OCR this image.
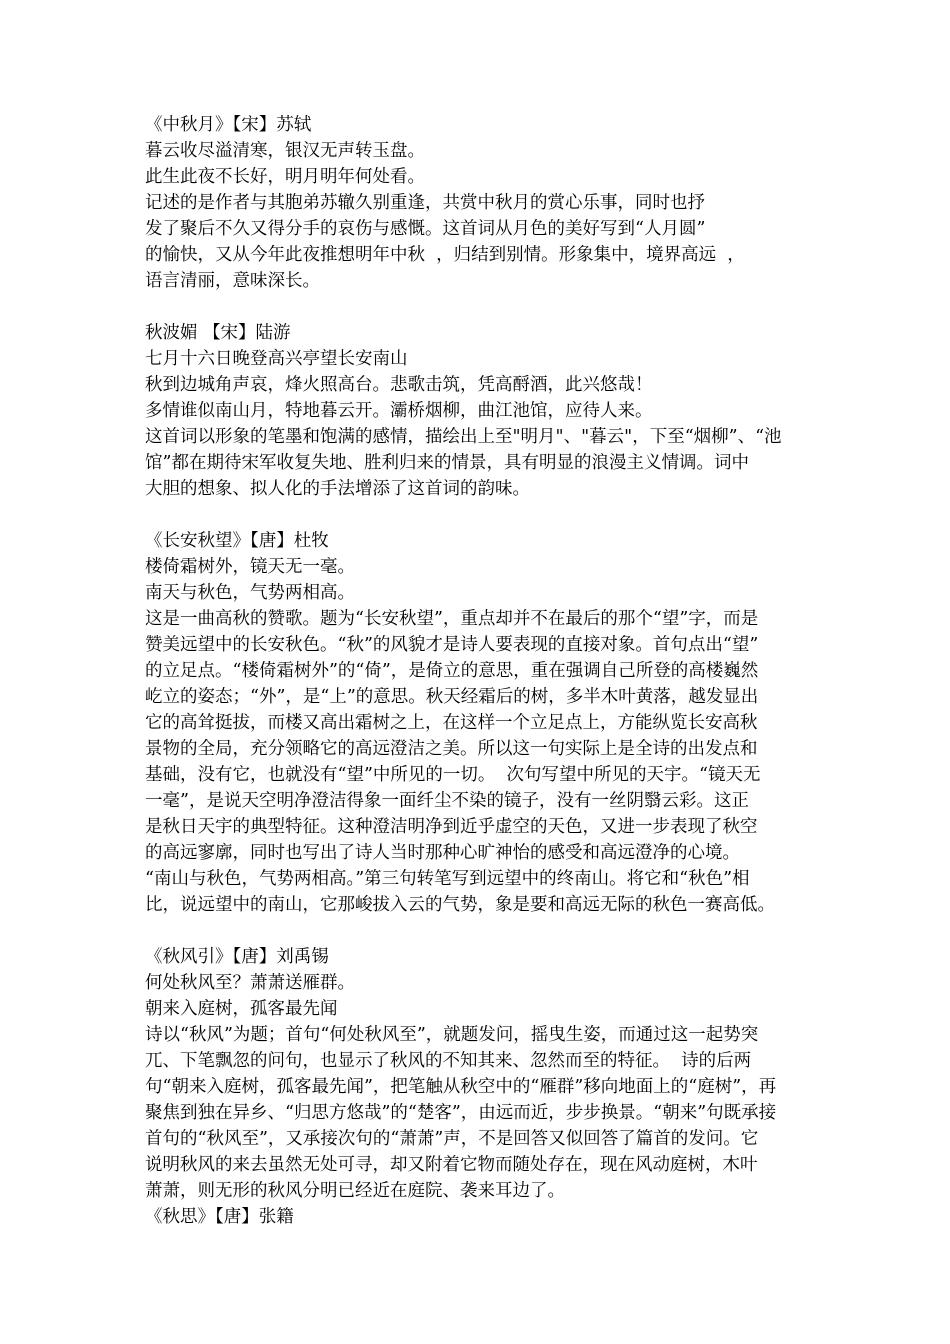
《中秋月》【宋】苏轼
暮云收尽溢清寒，银汉无声转玉盘。
此生此夜不长好，明月明年何处看。
记述的是作者与其胞弟苏辙久别重逢，共赏中秋月的赏心乐事，同时也抒
发了聚后不久又得分手的哀伤与感慨。这首词从月色的美好写到“人月圆”
的愉快，又从今年此夜推想明年中秋  ，归结到别情。形象集中，境界高远  ，
语言清丽，意味深长。
秋波媚 【宋】陆游
七月十六日晚登高兴亭望长安南山
秋到边城角声哀，烽火照高台。悲歌击筑，凭高酹酒，此兴悠哉！
多情谁似南山月，特地暮云开。灞桥烟柳，曲江池馆，应待人来。
这首词以形象的笔墨和饱满的感情，描绘出上至"明月"、"暮云"，下至“烟柳”、“池
馆”都在期待宋军收复失地、胜利归来的情景，具有明显的浪漫主义情调。词中
大胆的想象、拟人化的手法增添了这首词的韵味。
《长安秋望》【唐】杜牧
楼倚霜树外，镜天无一毫。
南天与秋色，气势两相高。
这是一曲高秋的赞歌。题为“长安秋望”，重点却并不在最后的那个“望”字，而是
赞美远望中的长安秋色。“秋”的风貌才是诗人要表现的直接对象。首句点出“望”
的立足点。“楼倚霜树外”的“倚”，是倚立的意思，重在强调自己所登的高楼巍然
屹立的姿态；“外”，是“上”的意思。秋天经霜后的树，多半木叶黄落，越发显出
它的高耸挺拔，而楼又高出霜树之上，在这样一个立足点上，方能纵览长安高秋
景物的全局，充分领略它的高远澄洁之美。所以这一句实际上是全诗的出发点和
基础，没有它，也就没有“望”中所见的一切。  次句写望中所见的天宇。“镜天无
一毫”，是说天空明净澄洁得象一面纤尘不染的镜子，没有一丝阴翳云彩。这正
是秋日天宇的典型特征。这种澄洁明净到近乎虚空的天色，又进一步表现了秋空
的高远寥廓，同时也写出了诗人当时那种心旷神怡的感受和高远澄净的心境。
“南山与秋色，气势两相高。”第三句转笔写到远望中的终南山。将它和“秋色”相
比，说远望中的南山，它那峻拔入云的气势，象是要和高远无际的秋色一赛高低。
《秋风引》【唐】刘禹锡
何处秋风至？萧萧送雁群。
朝来入庭树，孤客最先闻
诗以“秋风”为题；首句“何处秋风至”，就题发问，摇曳生姿，而通过这一起势突
兀、下笔飘忽的问句，也显示了秋风的不知其来、忽然而至的特征。  诗的后两
句“朝来入庭树，孤客最先闻”，把笔触从秋空中的“雁群”移向地面上的“庭树”，再
聚焦到独在异乡、“归思方悠哉”的“楚客”，由远而近，步步换景。“朝来”句既承接
首句的“秋风至”，又承接次句的“萧萧”声，不是回答又似回答了篇首的发问。它
说明秋风的来去虽然无处可寻，却又附着它物而随处存在，现在风动庭树，木叶
萧萧，则无形的秋风分明已经近在庭院、袭来耳边了。
《秋思》【唐】张籍
